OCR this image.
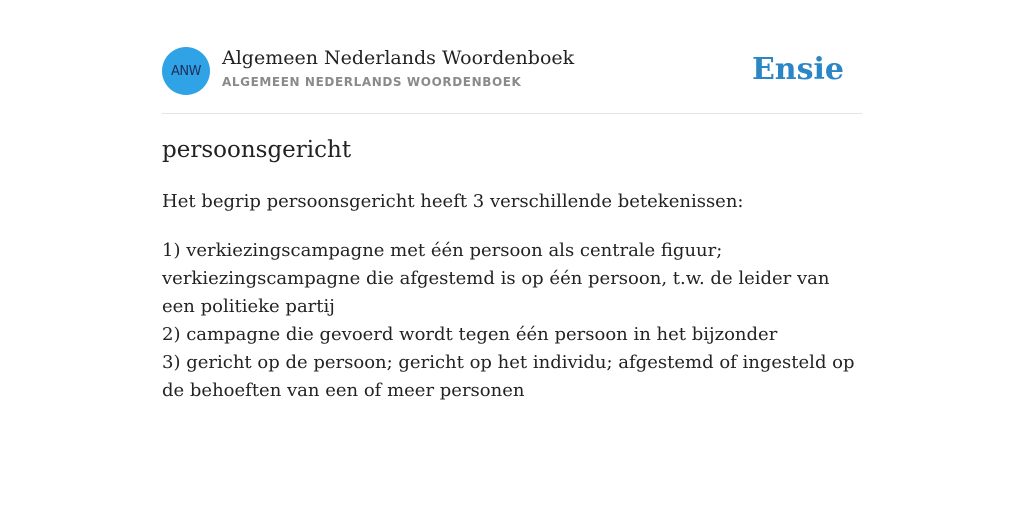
ANW
Algemeen Nederlands Woordenboek
ALGEMEEN NEDERLANDS WOORDENBOEK	Ensie
persoonsgericht
Het begrip persoonsgericht heeft 3 verschillende betekenissen:

1) verkiezingscampagne met één persoon als centrale figuur; verkiezingscampagne die afgestemd is op één persoon, t.w. de leider van een politieke partij

2) campagne die gevoerd wordt tegen één persoon in het bijzonder

3) gericht op de persoon; gericht op het individu; afgestemd of ingesteld op de behoeften van een of meer personen
